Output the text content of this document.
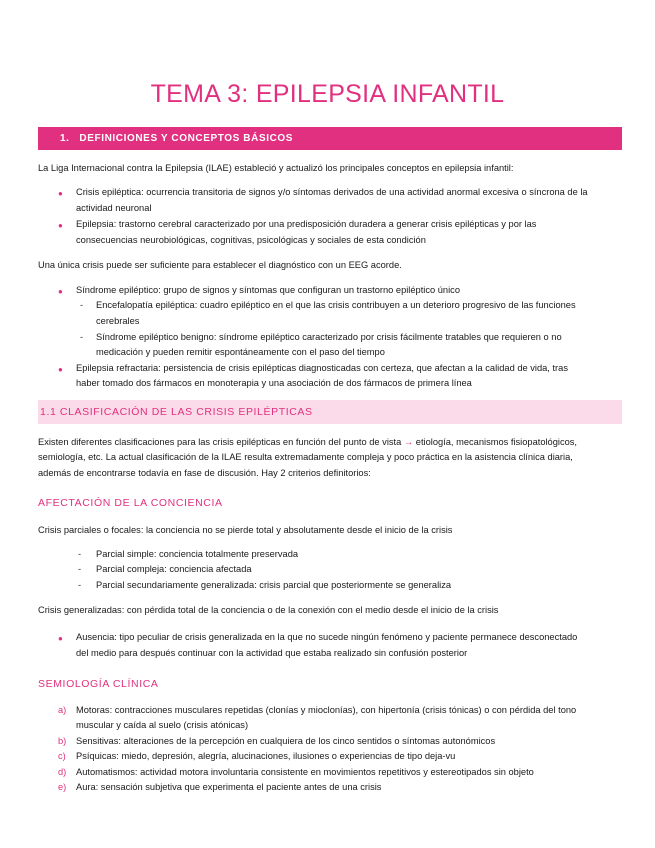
TEMA 3: EPILEPSIA INFANTIL
1. DEFINICIONES Y CONCEPTOS BÁSICOS
La Liga Internacional contra la Epilepsia (ILAE) estableció y actualizó los principales conceptos en epilepsia infantil:
● Crisis epiléptica: ocurrencia transitoria de signos y/o síntomas derivados de una actividad anormal excesiva o síncrona de la
actividad neuronal
● Epilepsia: trastorno cerebral caracterizado por una predisposición duradera a generar crisis epilépticas y por las
consecuencias neurobiológicas, cognitivas, psicológicas y sociales de esta condición
Una única crisis puede ser suficiente para establecer el diagnóstico con un EEG acorde.
● Síndrome epiléptico: grupo de signos y síntomas que configuran un trastorno epiléptico único
- Encefalopatía epiléptica: cuadro epiléptico en el que las crisis contribuyen a un deterioro progresivo de las funciones
cerebrales
- Síndrome epiléptico benigno: síndrome epiléptico caracterizado por crisis fácilmente tratables que requieren o no
medicación y pueden remitir espontáneamente con el paso del tiempo
● Epilepsia refractaria: persistencia de crisis epilépticas diagnosticadas con certeza, que afectan a la calidad de vida, tras
haber tomado dos fármacos en monoterapia y una asociación de dos fármacos de primera línea
1.1 CLASIFICACIÓN DE LAS CRISIS EPILÉPTICAS
Existen diferentes clasificaciones para las crisis epilépticas en función del punto de vista → etiología, mecanismos fisiopatológicos,
semiología, etc. La actual clasificación de la ILAE resulta extremadamente compleja y poco práctica en la asistencia clínica diaria,
además de encontrarse todavía en fase de discusión. Hay 2 criterios definitorios:
AFECTACIÓN DE LA CONCIENCIA
Crisis parciales o focales: la conciencia no se pierde total y absolutamente desde el inicio de la crisis
- Parcial simple: conciencia totalmente preservada
- Parcial compleja: conciencia afectada
- Parcial secundariamente generalizada: crisis parcial que posteriormente se generaliza
Crisis generalizadas: con pérdida total de la conciencia o de la conexión con el medio desde el inicio de la crisis
● Ausencia: tipo peculiar de crisis generalizada en la que no sucede ningún fenómeno y paciente permanece desconectado
del medio para después continuar con la actividad que estaba realizado sin confusión posterior
SEMIOLOGÍA CLÍNICA
a) Motoras: contracciones musculares repetidas (clonías y mioclonías), con hipertonía (crisis tónicas) o con pérdida del tono
muscular y caída al suelo (crisis atónicas)
b) Sensitivas: alteraciones de la percepción en cualquiera de los cinco sentidos o síntomas autonómicos
c) Psíquicas: miedo, depresión, alegría, alucinaciones, ilusiones o experiencias de tipo deja-vu
d) Automatismos: actividad motora involuntaria consistente en movimientos repetitivos y estereotipados sin objeto
e) Aura: sensación subjetiva que experimenta el paciente antes de una crisis
